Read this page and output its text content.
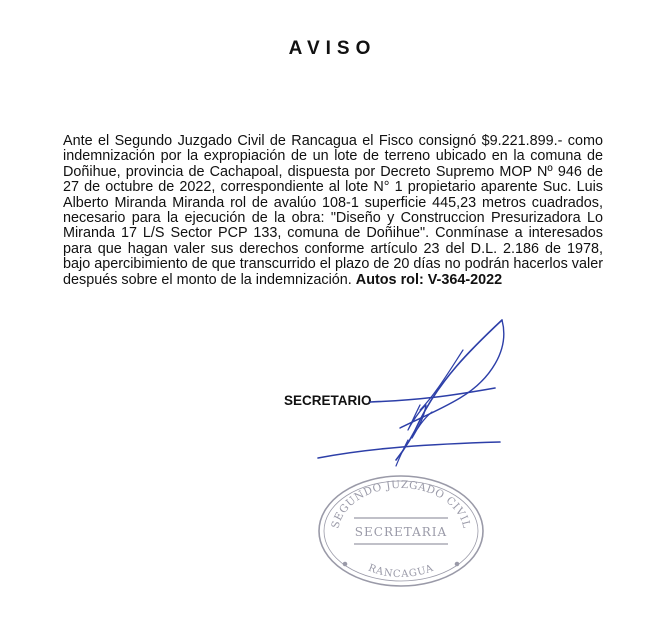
AVISO

Ante el Segundo Juzgado Civil de Rancagua el Fisco consignó $9.221.899.- como indemnización por la expropiación de un lote de terreno ubicado en la comuna de Doñihue, provincia de Cachapoal, dispuesta por Decreto Supremo MOP Nº 946 de 27 de octubre de 2022, correspondiente al lote N° 1 propietario aparente Suc. Luis Alberto Miranda Miranda rol de avalúo 108-1 superficie 445,23 metros cuadrados, necesario para la ejecución de la obra: "Diseño y Construccion Presurizadora Lo Miranda 17 L/S Sector PCP 133, comuna de Doñihue". Conmínase a interesados para que hagan valer sus derechos conforme artículo 23 del D.L. 2.186 de 1978, bajo apercibimiento de que transcurrido el plazo de 20 días no podrán hacerlos valer después sobre el monto de la indemnización. Autos rol: V-364-2022

SECRETARIO
SEGUNDO JUZGADO CIVIL
SECRETARIA
RANCAGUA
